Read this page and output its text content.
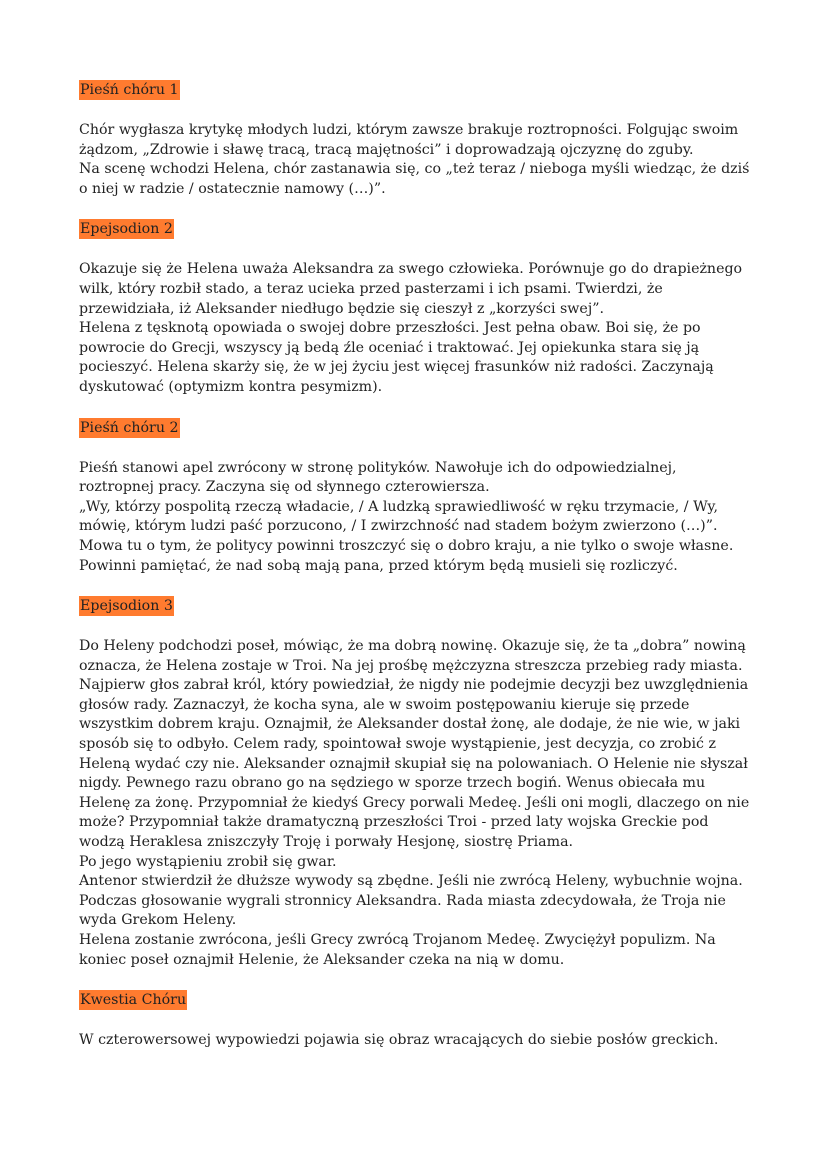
Pieśń chóru 1

Chór wygłasza krytykę młodych ludzi, którym zawsze brakuje roztropności. Folgując swoim żądzom, „Zdrowie i sławę tracą, tracą majętności” i doprowadzają ojczyznę do zguby.

Na scenę wchodzi Helena, chór zastanawia się, co „też teraz / nieboga myśli wiedząc, że dziś o niej w radzie / ostatecznie namowy (…)”.

Epejsodion 2

Okazuje się że Helena uważa Aleksandra za swego człowieka. Porównuje go do drapieżnego wilk, który rozbił stado, a teraz ucieka przed pasterzami i ich psami. Twierdzi, że przewidziała, iż Aleksander niedługo będzie się cieszył z „korzyści swej”.

Helena z tęsknotą opowiada o swojej dobre przeszłości. Jest pełna obaw. Boi się, że po powrocie do Grecji, wszyscy ją bedą źle oceniać i traktować. Jej opiekunka stara się ją pocieszyć. Helena skarży się, że w jej życiu jest więcej frasunków niż radości. Zaczynają dyskutować (optymizm kontra pesymizm).

Pieśń chóru 2

Pieśń stanowi apel zwrócony w stronę polityków. Nawołuje ich do odpowiedzialnej, roztropnej pracy. Zaczyna się od słynnego czterowiersza.

„Wy, którzy pospolitą rzeczą władacie, / A ludzką sprawiedliwość w ręku trzymacie, / Wy, mówię, którym ludzi paść porzucono, / I zwirzchność nad stadem bożym zwierzono (…)”.

Mowa tu o tym, że politycy powinni troszczyć się o dobro kraju, a nie tylko o swoje własne. Powinni pamiętać, że nad sobą mają pana, przed którym będą musieli się rozliczyć.

Epejsodion 3

Do Heleny podchodzi poseł, mówiąc, że ma dobrą nowinę. Okazuje się, że ta „dobra” nowiną oznacza, że Helena zostaje w Troi. Na jej prośbę mężczyzna streszcza przebieg rady miasta.

Najpierw głos zabrał król, który powiedział, że nigdy nie podejmie decyzji bez uwzględnienia głosów rady. Zaznaczył, że kocha syna, ale w swoim postępowaniu kieruje się przede wszystkim dobrem kraju. Oznajmił, że Aleksander dostał żonę, ale dodaje, że nie wie, w jaki sposób się to odbyło. Celem rady, spointował swoje wystąpienie, jest decyzja, co zrobić z Heleną wydać czy nie. Aleksander oznajmił skupiał się na polowaniach. O Helenie nie słyszał nigdy. Pewnego razu obrano go na sędziego w sporze trzech bogiń. Wenus obiecała mu Helenę za żonę. Przypomniał że kiedyś Grecy porwali Medeę. Jeśli oni mogli, dlaczego on nie może? Przypomniał także dramatyczną przeszłości Troi - przed laty wojska Greckie pod wodzą Heraklesa zniszczyły Troję i porwały Hesjonę, siostrę Priama.

Po jego wystąpieniu zrobił się gwar.

Antenor stwierdził że dłuższe wywody są zbędne. Jeśli nie zwrócą Heleny, wybuchnie wojna. Podczas głosowanie wygrali stronnicy Aleksandra. Rada miasta zdecydowała, że Troja nie wyda Grekom Heleny.

Helena zostanie zwrócona, jeśli Grecy zwrócą Trojanom Medeę. Zwyciężył populizm. Na koniec poseł oznajmił Helenie, że Aleksander czeka na nią w domu.

Kwestia Chóru

W czterowersowej wypowiedzi pojawia się obraz wracających do siebie posłów greckich.
